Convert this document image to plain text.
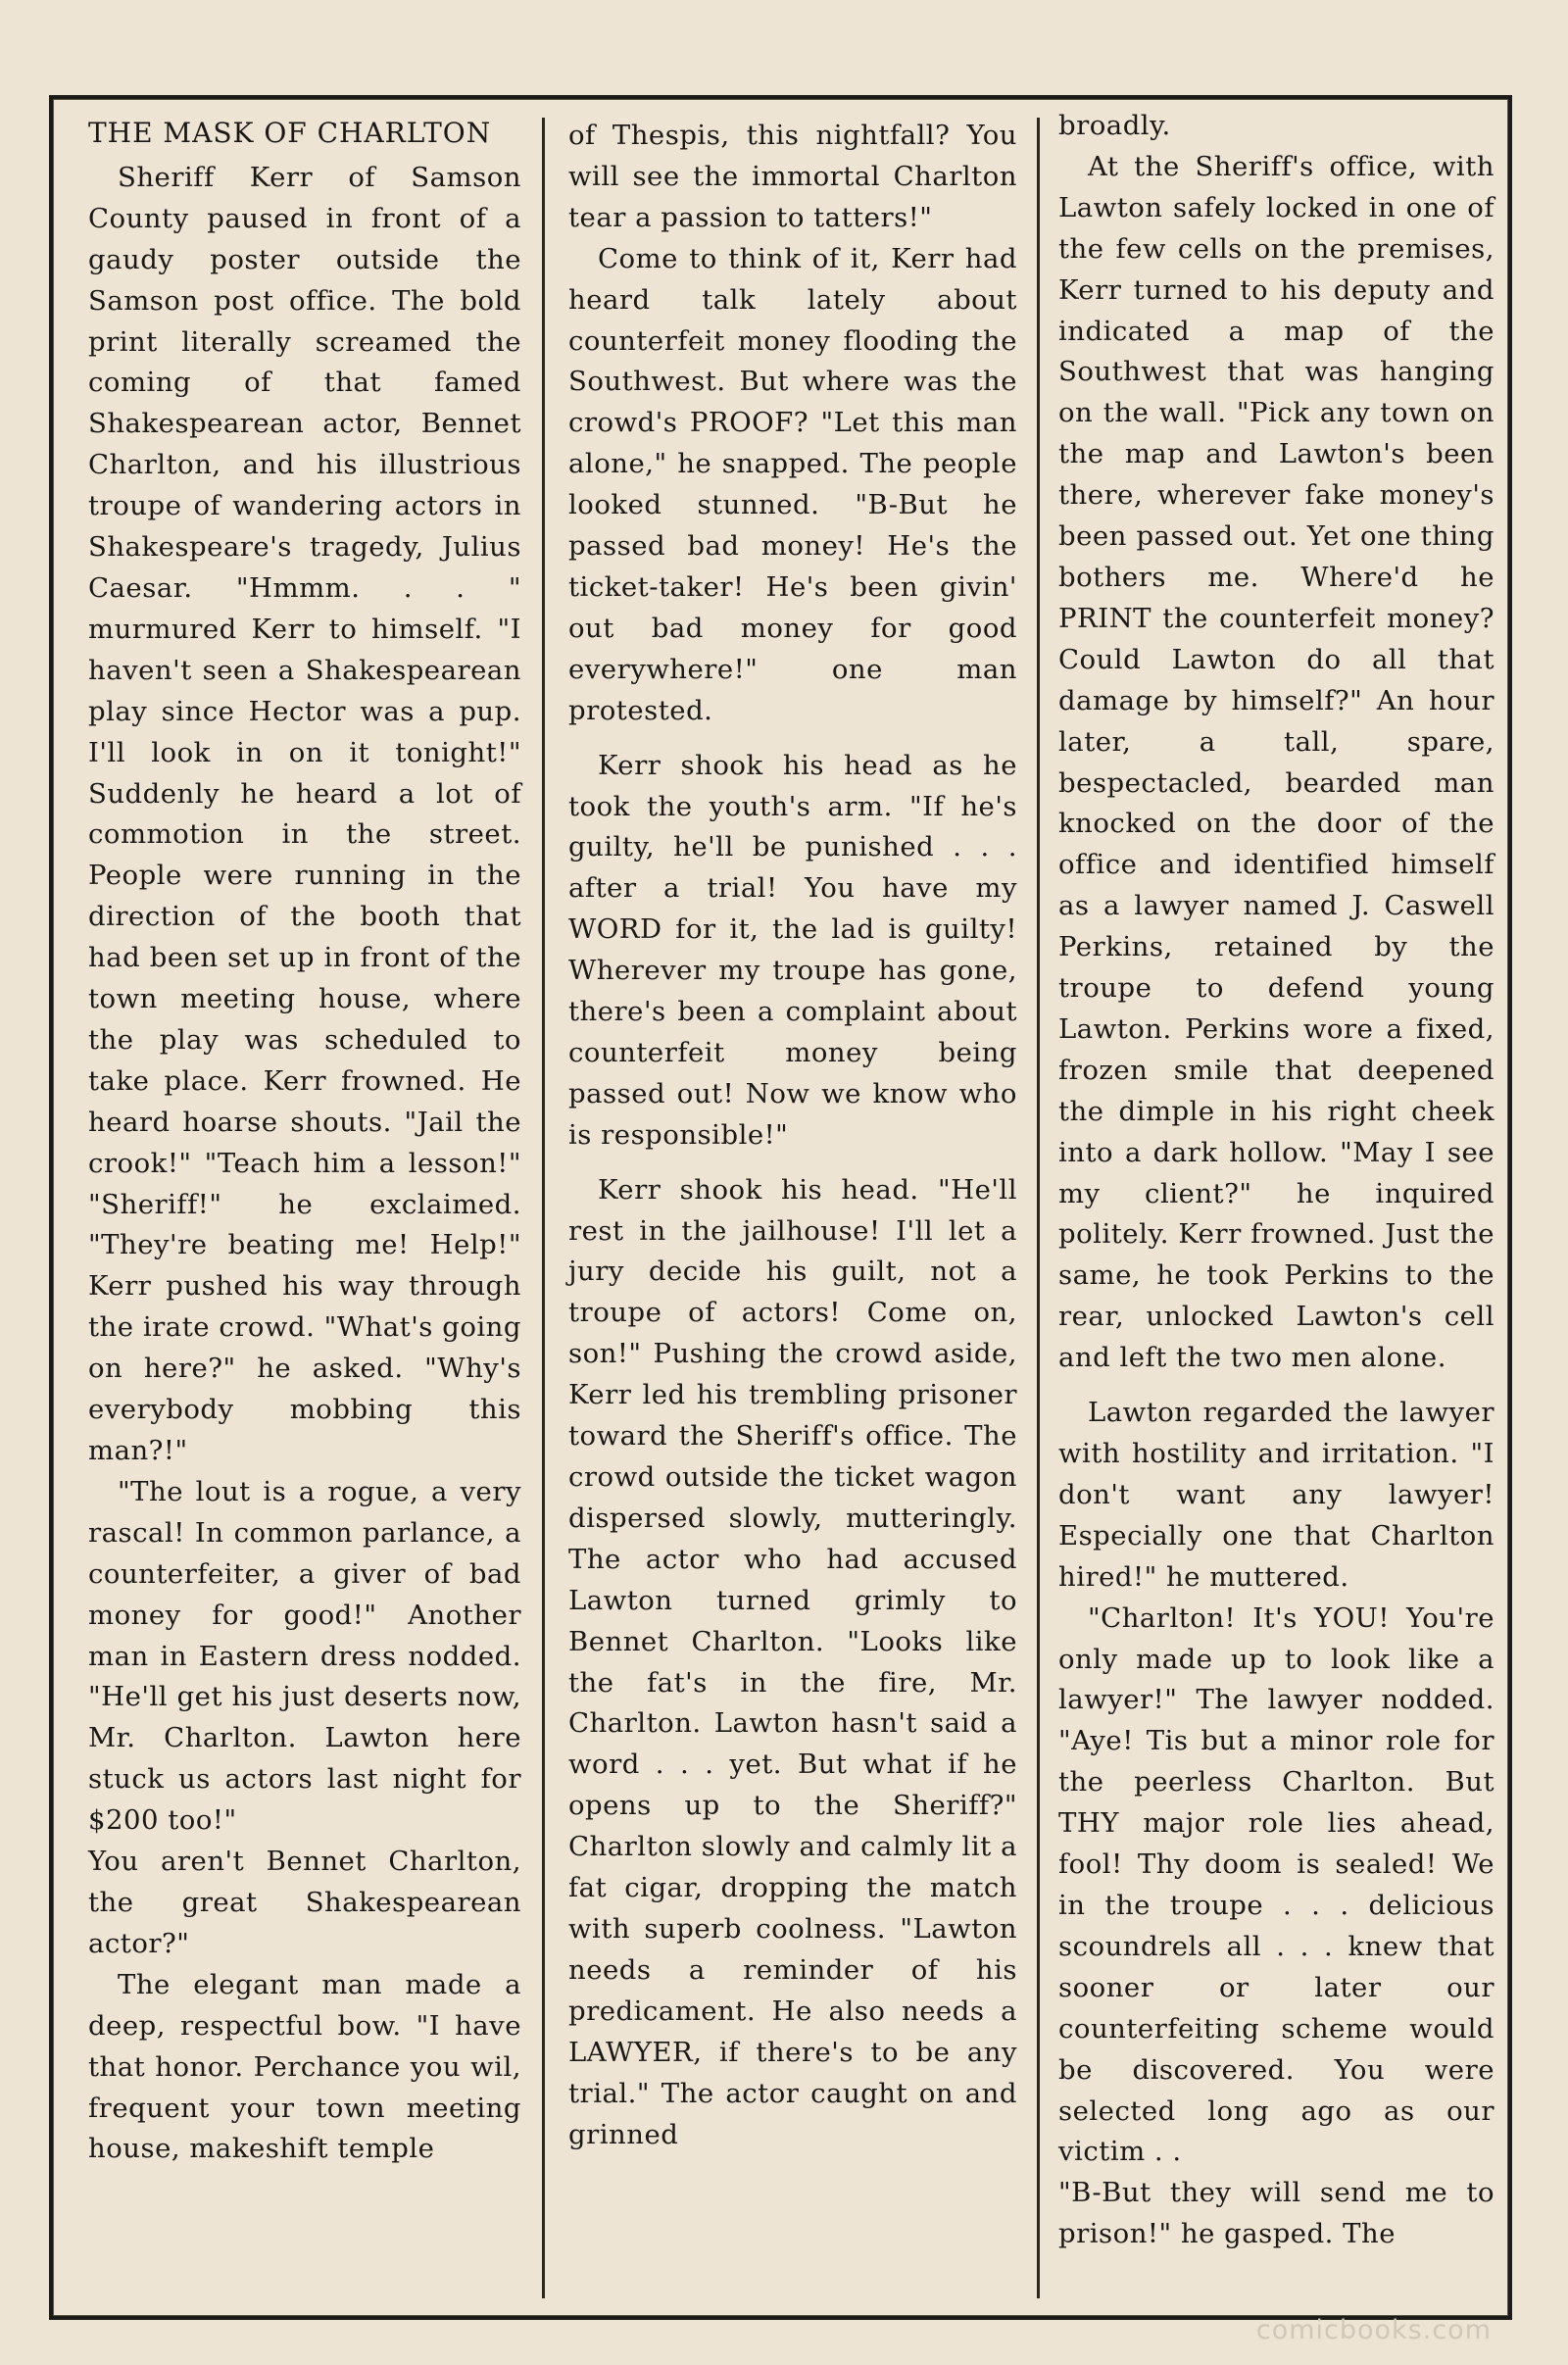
THE MASK OF CHARLTON

Sheriff Kerr of Samson County paused in front of a gaudy poster outside the Samson post office. The bold print literally screamed the coming of that famed Shakespearean actor, Bennet Charlton, and his illustrious troupe of wandering actors in Shakespeare's tragedy, Julius Caesar. "Hmmm. . . " murmured Kerr to himself. "I haven't seen a Shakespearean play since Hector was a pup. I'll look in on it tonight!" Suddenly he heard a lot of commotion in the street. People were running in the direction of the booth that had been set up in front of the town meeting house, where the play was scheduled to take place. Kerr frowned. He heard hoarse shouts. "Jail the crook!" "Teach him a lesson!" "Sheriff!" he exclaimed. "They're beating me! Help!" Kerr pushed his way through the irate crowd. "What's going on here?" he asked. "Why's everybody mobbing this man?!"

"The lout is a rogue, a very rascal! In common parlance, a counterfeiter, a giver of bad money for good!" Another man in Eastern dress nodded. "He'll get his just deserts now, Mr. Charlton. Lawton here stuck us actors last night for $200 too!"

You aren't Bennet Charlton, the great Shakespearean actor?"

The elegant man made a deep, respectful bow. "I have that honor. Perchance you wil, frequent your town meeting house, makeshift temple

of Thespis, this nightfall? You will see the immortal Charlton tear a passion to tatters!"

Come to think of it, Kerr had heard talk lately about counterfeit money flooding the Southwest. But where was the crowd's PROOF? "Let this man alone," he snapped. The people looked stunned. "B-But he passed bad money! He's the ticket-taker! He's been givin' out bad money for good everywhere!" one man protested.

Kerr shook his head as he took the youth's arm. "If he's guilty, he'll be punished . . . after a trial! You have my WORD for it, the lad is guilty! Wherever my troupe has gone, there's been a complaint about counterfeit money being passed out! Now we know who is responsible!"

Kerr shook his head. "He'll rest in the jailhouse! I'll let a jury decide his guilt, not a troupe of actors! Come on, son!" Pushing the crowd aside, Kerr led his trembling prisoner toward the Sheriff's office. The crowd outside the ticket wagon dispersed slowly, mutteringly. The actor who had accused Lawton turned grimly to Bennet Charlton. "Looks like the fat's in the fire, Mr. Charlton. Lawton hasn't said a word . . . yet. But what if he opens up to the Sheriff?" Charlton slowly and calmly lit a fat cigar, dropping the match with superb coolness. "Lawton needs a reminder of his predicament. He also needs a LAWYER, if there's to be any trial." The actor caught on and grinned

broadly.

At the Sheriff's office, with Lawton safely locked in one of the few cells on the premises, Kerr turned to his deputy and indicated a map of the Southwest that was hanging on the wall. "Pick any town on the map and Lawton's been there, wherever fake money's been passed out. Yet one thing bothers me. Where'd he PRINT the counterfeit money? Could Lawton do all that damage by himself?" An hour later, a tall, spare, bespectacled, bearded man knocked on the door of the office and identified himself as a lawyer named J. Caswell Perkins, retained by the troupe to defend young Lawton. Perkins wore a fixed, frozen smile that deepened the dimple in his right cheek into a dark hollow. "May I see my client?" he inquired politely. Kerr frowned. Just the same, he took Perkins to the rear, unlocked Lawton's cell and left the two men alone.

Lawton regarded the lawyer with hostility and irritation. "I don't want any lawyer! Especially one that Charlton hired!" he muttered.

"Charlton! It's YOU! You're only made up to look like a lawyer!" The lawyer nodded. "Aye! Tis but a minor role for the peerless Charlton. But THY major role lies ahead, fool! Thy doom is sealed! We in the troupe . . . delicious scoundrels all . . . knew that sooner or later our counterfeiting scheme would be discovered. You were selected long ago as our victim . .

"B-But they will send me to prison!" he gasped. The

comicbooks.com
